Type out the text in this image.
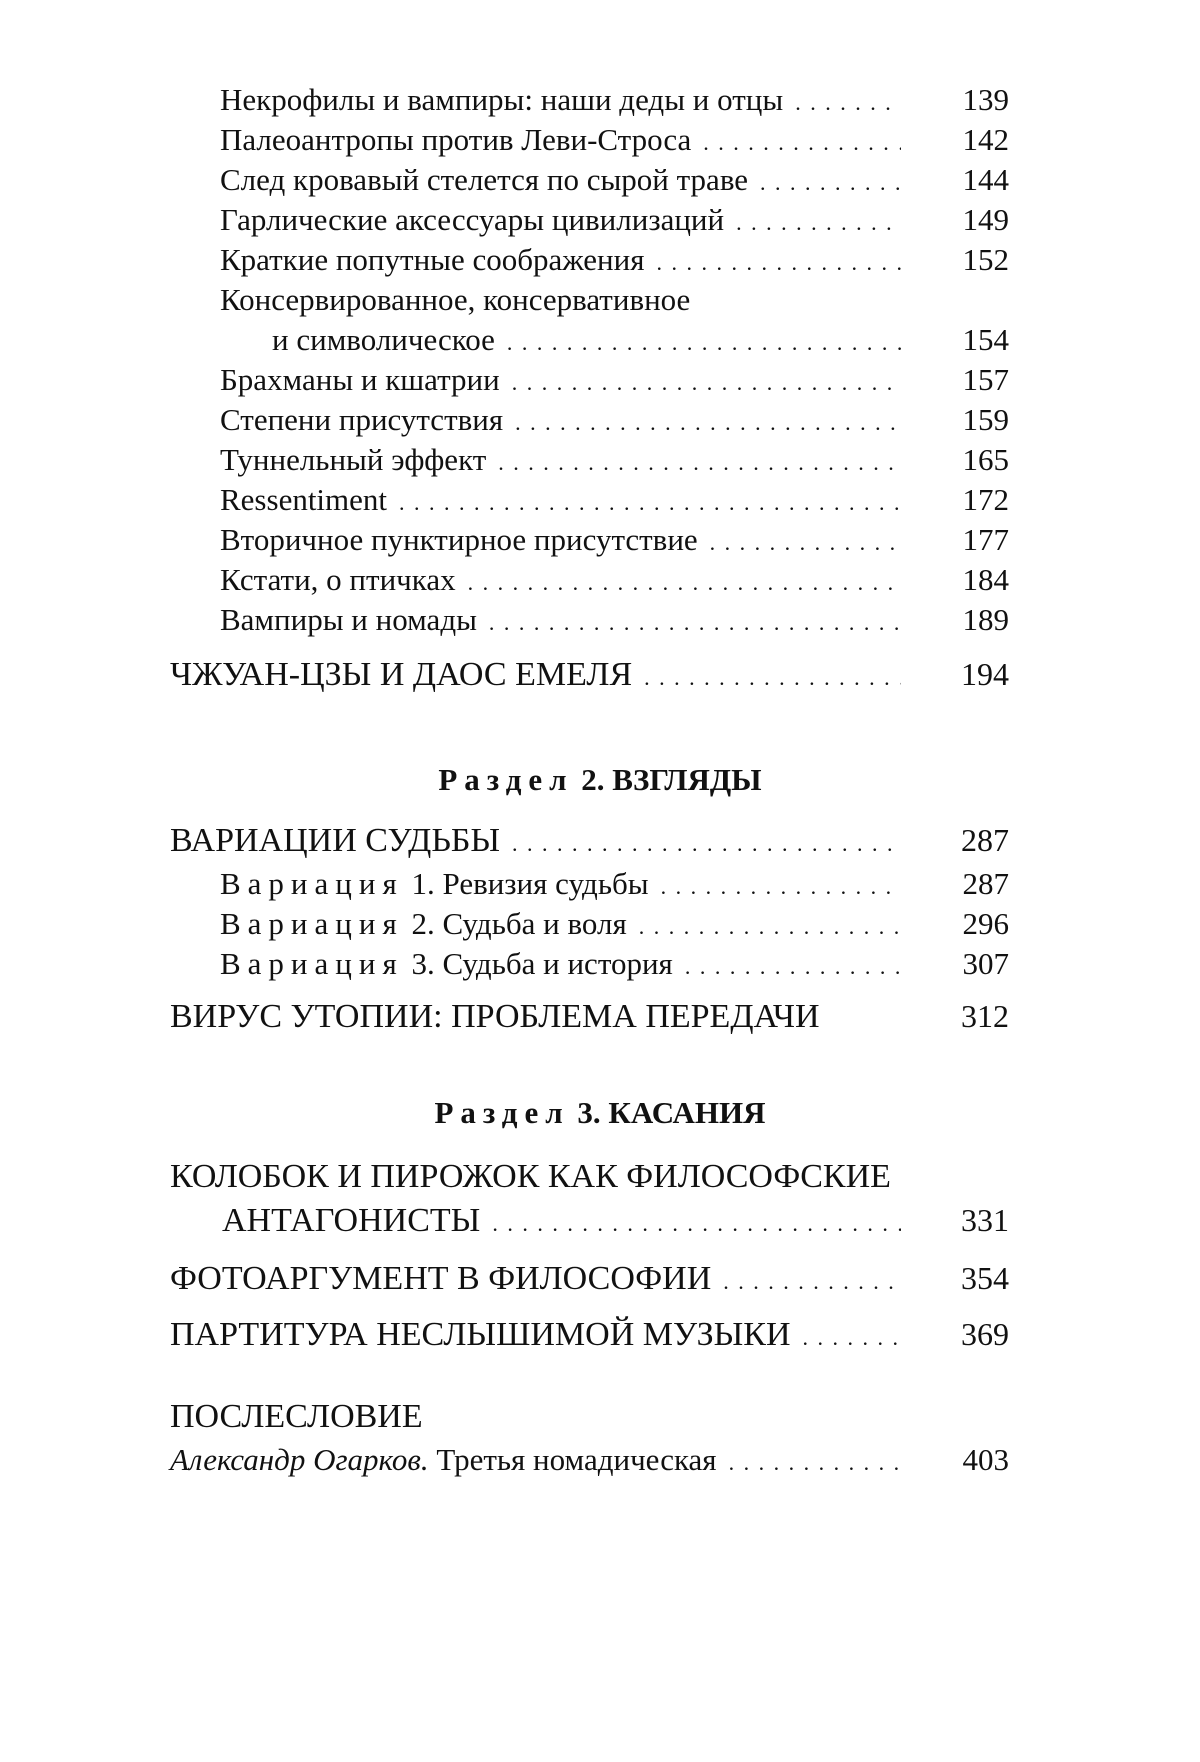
Некрофилы и вампиры: наши деды и отцы . . .	139
Палеоантропы против Леви-Строса . . .	142
След кровавый стелется по сырой траве . . .	144
Гарлические аксессуары цивилизаций . . .	149
Краткие попутные соображения . . .	152
Консервированное, консервативное
и символическое . . .	154
Брахманы и кшатрии . . .	157
Степени присутствия . . .	159
Туннельный эффект . . .	165
Ressentiment . . .	172
Вторичное пунктирное присутствие . . .	177
Кстати, о птичках . . .	184
Вампиры и номады . . .	189
ЧЖУАН-ЦЗЫ И ДАОС ЕМЕЛЯ . . .	194
Раздел 2. ВЗГЛЯДЫ
ВАРИАЦИИ СУДЬБЫ . . .	287
Вариация 1. Ревизия судьбы . . .	287
Вариация 2. Судьба и воля . . .	296
Вариация 3. Судьба и история . . .	307
ВИРУС УТОПИИ: ПРОБЛЕМА ПЕРЕДАЧИ	312
Раздел 3. КАСАНИЯ
КОЛОБОК И ПИРОЖОК КАК ФИЛОСОФСКИЕ
АНТАГОНИСТЫ . . .	331
ФОТОАРГУМЕНТ В ФИЛОСОФИИ . . .	354
ПАРТИТУРА НЕСЛЫШИМОЙ МУЗЫКИ . . .	369
ПОСЛЕСЛОВИЕ
Александр Огарков. Третья номадическая . . .	403
